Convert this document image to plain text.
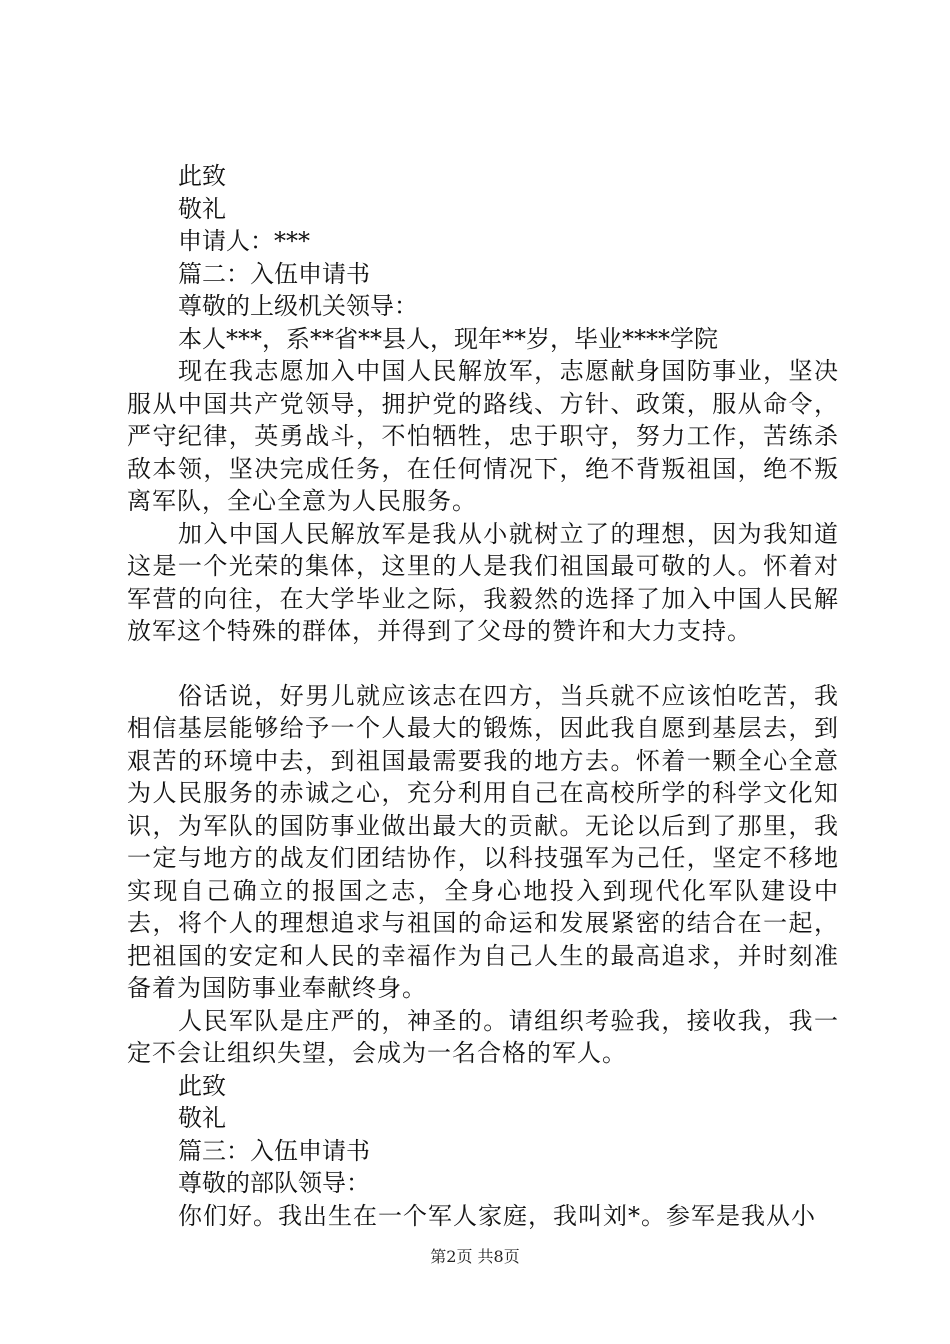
此致

敬礼

申请人：***

篇二：入伍申请书

尊敬的上级机关领导：

本人***，系**省**县人，现年**岁，毕业****学院

现在我志愿加入中国人民解放军，志愿献身国防事业，坚决服从中国共产党领导，拥护党的路线、方针、政策，服从命令，严守纪律，英勇战斗，不怕牺牲，忠于职守，努力工作，苦练杀敌本领，坚决完成任务，在任何情况下，绝不背叛祖国，绝不叛离军队，全心全意为人民服务。

加入中国人民解放军是我从小就树立了的理想，因为我知道这是一个光荣的集体，这里的人是我们祖国最可敬的人。怀着对军营的向往，在大学毕业之际，我毅然的选择了加入中国人民解放军这个特殊的群体，并得到了父母的赞许和大力支持。

俗话说，好男儿就应该志在四方，当兵就不应该怕吃苦，我相信基层能够给予一个人最大的锻炼，因此我自愿到基层去，到艰苦的环境中去，到祖国最需要我的地方去。怀着一颗全心全意为人民服务的赤诚之心，充分利用自己在高校所学的科学文化知识，为军队的国防事业做出最大的贡献。无论以后到了那里，我一定与地方的战友们团结协作，以科技强军为己任，坚定不移地实现自己确立的报国之志，全身心地投入到现代化军队建设中去，将个人的理想追求与祖国的命运和发展紧密的结合在一起，把祖国的安定和人民的幸福作为自己人生的最高追求，并时刻准备着为国防事业奉献终身。

人民军队是庄严的，神圣的。请组织考验我，接收我，我一定不会让组织失望，会成为一名合格的军人。

此致

敬礼

篇三：入伍申请书

尊敬的部队领导：

你们好。我出生在一个军人家庭，我叫刘*。参军是我从小

第2页 共8页
